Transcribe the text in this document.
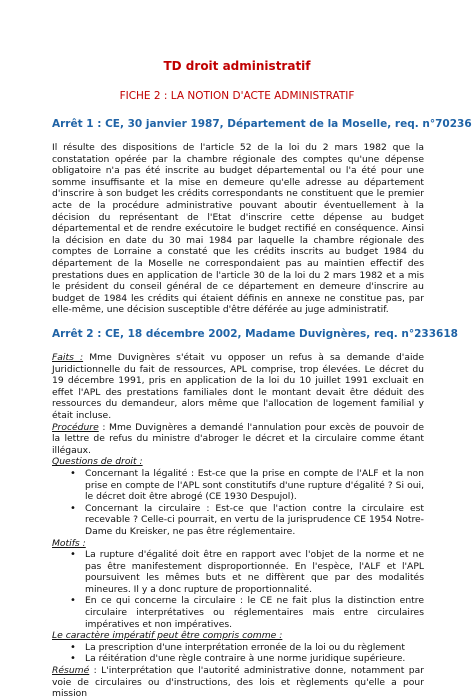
TD droit administratif
FICHE 2 : LA NOTION D'ACTE ADMINISTRATIF
Arrêt 1 : CE, 30 janvier 1987, Département de la Moselle, req. n°70236

Il résulte des dispositions de l'article 52 de la loi du 2 mars 1982 que la constatation opérée par la chambre régionale des comptes qu'une dépense obligatoire n'a pas été inscrite au budget départemental ou l'a été pour une somme insuffisante et la mise en demeure qu'elle adresse au département d'inscrire à son budget les crédits correspondants ne constituent que le premier acte de la procédure administrative pouvant aboutir éventuellement à la décision du représentant de l'Etat d'inscrire cette dépense au budget départemental et de rendre exécutoire le budget rectifié en conséquence. Ainsi la décision en date du 30 mai 1984 par laquelle la chambre régionale des comptes de Lorraine a constaté que les crédits inscrits au budget 1984 du département de la Moselle ne correspondaient pas au maintien effectif des prestations dues en application de l'article 30 de la loi du 2 mars 1982 et a mis le président du conseil général de ce département en demeure d'inscrire au budget de 1984 les crédits qui étaient définis en annexe ne constitue pas, par elle-même, une décision susceptible d'être déférée au juge administratif.

Arrêt 2 : CE, 18 décembre 2002, Madame Duvignères, req. n°233618

Faits : Mme Duvignères s'était vu opposer un refus à sa demande d'aide Juridictionnelle du fait de ressources, APL comprise, trop élevées. Le décret du 19 décembre 1991, pris en application de la loi du 10 juillet 1991 excluait en effet l'APL des prestations familiales dont le montant devait être déduit des ressources du demandeur, alors même que l'allocation de logement familial y était incluse.

Procédure : Mme Duvignères a demandé l'annulation pour excès de pouvoir de la lettre de refus du ministre d'abroger le décret et la circulaire comme étant illégaux.

Questions de droit :

• Concernant la légalité : Est-ce que la prise en compte de l'ALF et la non prise en compte de l'APL sont constitutifs d'une rupture d'égalité ? Si oui, le décret doit être abrogé (CE 1930 Despujol).
• Concernant la circulaire : Est-ce que l'action contre la circulaire est recevable ? Celle-ci pourrait, en vertu de la jurisprudence CE 1954 Notre-Dame du Kreisker, ne pas être réglementaire.

Motifs :

• La rupture d'égalité doit être en rapport avec l'objet de la norme et ne pas être manifestement disproportionnée. En l'espèce, l'ALF et l'APL poursuivent les mêmes buts et ne diffèrent que par des modalités mineures. Il y a donc rupture de proportionnalité.
• En ce qui concerne la circulaire : le CE ne fait plus la distinction entre circulaire interprétatives ou réglementaires mais entre circulaires impératives et non impératives.

Le caractère impératif peut être compris comme :

• La prescription d'une interprétation erronée de la loi ou du règlement
• La réitération d'une règle contraire à une norme juridique supérieure.

Résumé : L'interprétation que l'autorité administrative donne, notamment par voie de circulaires ou d'instructions, des lois et règlements qu'elle a pour mission
